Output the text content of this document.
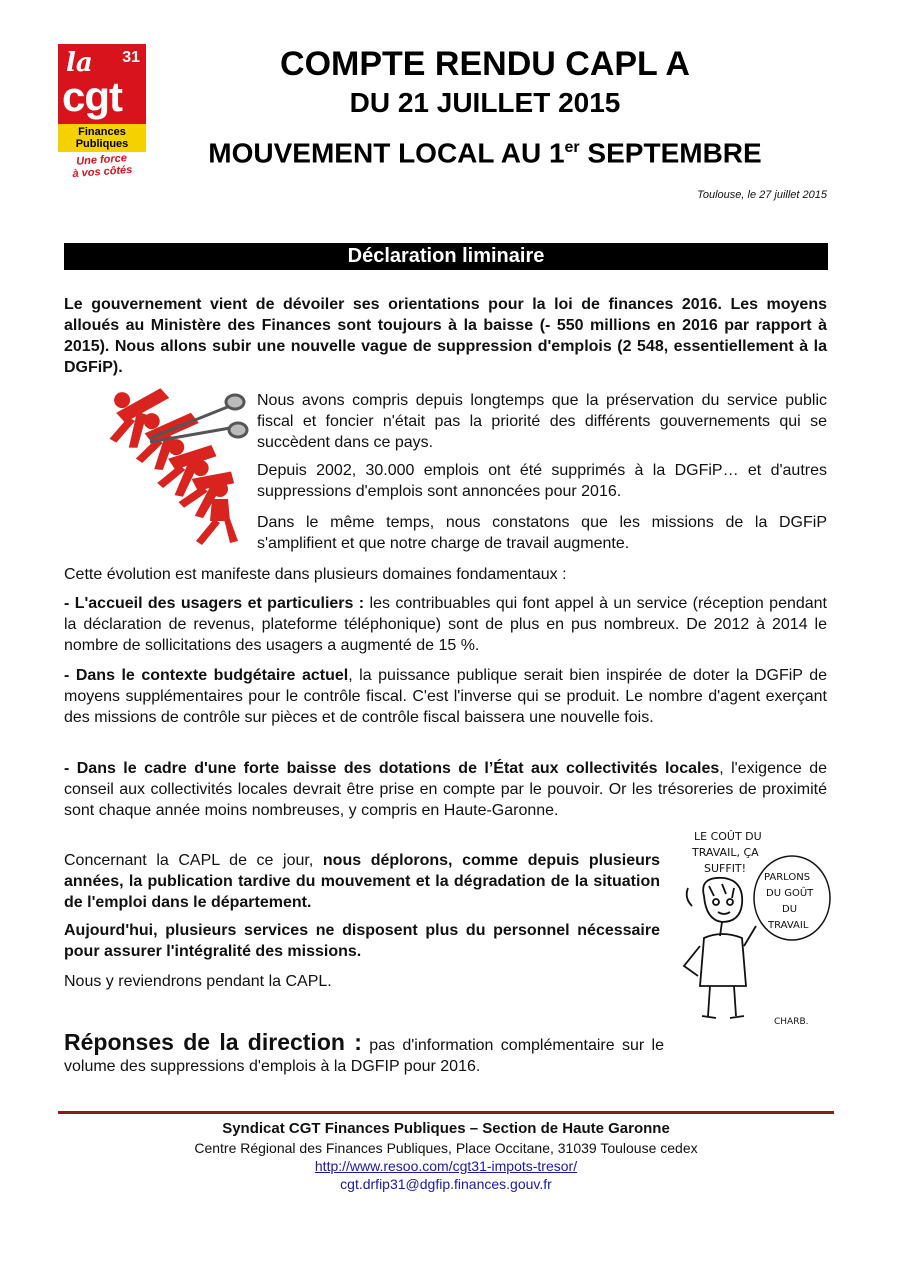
la 31
cgt
Finances
Publiques
Une force
à vos côtés
COMPTE RENDU CAPL A
DU 21 JUILLET 2015
MOUVEMENT LOCAL AU 1er SEPTEMBRE
Toulouse, le 27 juillet 2015
Déclaration liminaire
Le gouvernement vient de dévoiler ses orientations pour la loi de finances 2016. Les moyens alloués au Ministère des Finances sont toujours à la baisse (- 550 millions en 2016 par rapport à 2015). Nous allons subir une nouvelle vague de suppression d'emplois (2 548, essentiellement à la DGFiP).
Nous avons compris depuis longtemps que la préservation du service public fiscal et foncier n'était pas la priorité des différents gouvernements qui se succèdent dans ce pays.
Depuis 2002, 30.000 emplois ont été supprimés à la DGFiP… et d'autres suppressions d'emplois sont annoncées pour 2016.
Dans le même temps, nous constatons que les missions de la DGFiP s'amplifient et que notre charge de travail augmente.
Cette évolution est manifeste dans plusieurs domaines fondamentaux :
- L'accueil des usagers et particuliers : les contribuables qui font appel à un service (réception pendant la déclaration de revenus, plateforme téléphonique) sont de plus en pus nombreux. De 2012 à 2014 le nombre de sollicitations des usagers a augmenté de 15 %.
- Dans le contexte budgétaire actuel, la puissance publique serait bien inspirée de doter la DGFiP de moyens supplémentaires pour le contrôle fiscal. C'est l'inverse qui se produit. Le nombre d'agent exerçant des missions de contrôle sur pièces et de contrôle fiscal baissera une nouvelle fois.
- Dans le cadre d'une forte baisse des dotations de l’État aux collectivités locales, l'exigence de conseil aux collectivités locales devrait être prise en compte par le pouvoir. Or les trésoreries de proximité sont chaque année moins nombreuses, y compris en Haute-Garonne.
Concernant la CAPL de ce jour, nous déplorons, comme depuis plusieurs années, la publication tardive du mouvement et la dégradation de la situation de l'emploi dans le département.
Aujourd'hui, plusieurs services ne disposent plus du personnel nécessaire pour assurer l'intégralité des missions.
Nous y reviendrons pendant la CAPL.
Réponses de la direction : pas d'information complémentaire sur le volume des suppressions d'emplois à la DGFIP pour 2016.
LE COÛT DU
TRAVAIL, ÇA
SUFFIT!
PARLONS
DU GOÛT
DU
TRAVAIL
CHARB.
Syndicat CGT Finances Publiques – Section de Haute Garonne
Centre Régional des Finances Publiques, Place Occitane, 31039 Toulouse cedex
http://www.resoo.com/cgt31-impots-tresor/
cgt.drfip31@dgfip.finances.gouv.fr
